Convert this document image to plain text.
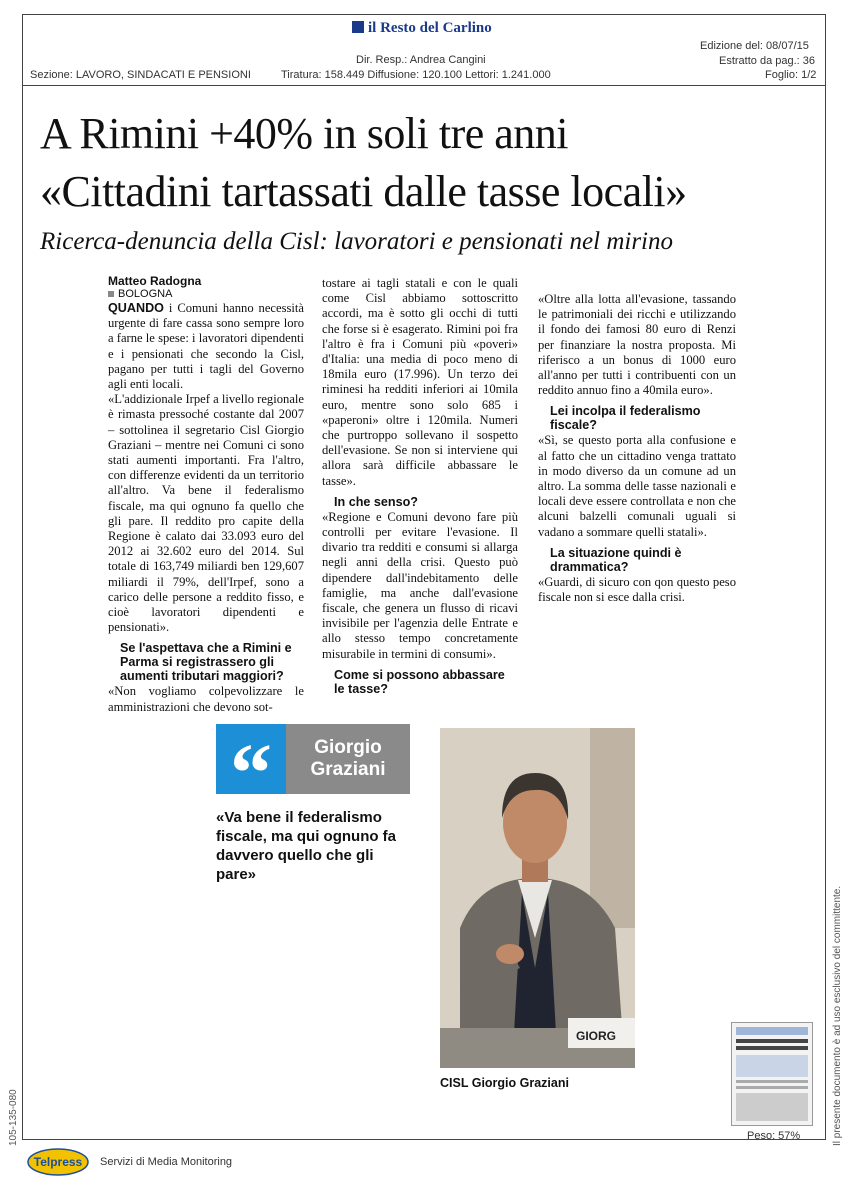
il Resto del Carlino
Dir. Resp.: Andrea Cangini
Sezione: LAVORO, SINDACATI E PENSIONI	Tiratura: 158.449 Diffusione: 120.100 Lettori: 1.241.000
Edizione del: 08/07/15
Estratto da pag.: 36
Foglio: 1/2
A Rimini +40% in soli tre anni
«Cittadini tartassati dalle tasse locali»
Ricerca-denuncia della Cisl: lavoratori e pensionati nel mirino
Matteo Radogna
BOLOGNA

QUANDO i Comuni hanno necessità urgente di fare cassa sono sempre loro a farne le spese: i lavoratori dipendenti e i pensionati che secondo la Cisl, pagano per tutti i tagli del Governo agli enti locali.

«L'addizionale Irpef a livello regionale è rimasta pressoché costante dal 2007 – sottolinea il segretario Cisl Giorgio Graziani – mentre nei Comuni ci sono stati aumenti importanti. Fra l'altro, con differenze evidenti da un territorio all'altro. Va bene il federalismo fiscale, ma qui ognuno fa quello che gli pare. Il reddito pro capite della Regione è calato dai 33.093 euro del 2012 ai 32.602 euro del 2014. Sul totale di 163,749 miliardi ben 129,607 miliardi il 79%, dell'Irpef, sono a carico delle persone a reddito fisso, e cioè lavoratori dipendenti e pensionati».

Se l'aspettava che a Rimini e Parma si registrassero gli aumenti tributari maggiori?

«Non vogliamo colpevolizzare le amministrazioni che devono sot-

tostare ai tagli statali e con le quali come Cisl abbiamo sottoscritto accordi, ma è sotto gli occhi di tutti che forse si è esagerato. Rimini poi fra l'altro è fra i Comuni più «poveri» d'Italia: una media di poco meno di 18mila euro (17.996). Un terzo dei riminesi ha redditi inferiori ai 10mila euro, mentre sono solo 685 i «paperoni» oltre i 120mila. Numeri che purtroppo sollevano il sospetto dell'evasione. Se non si interviene qui allora sarà difficile abbassare le tasse».

In che senso?

«Regione e Comuni devono fare più controlli per evitare l'evasione. Il divario tra redditi e consumi si allarga negli anni della crisi. Questo può dipendere dall'indebitamento delle famiglie, ma anche dall'evasione fiscale, che genera un flusso di ricavi invisibile per l'agenzia delle Entrate e allo stesso tempo concretamente misurabile in termini di consumi».

Come si possono abbassare le tasse?

«Oltre alla lotta all'evasione, tassando le patrimoniali dei ricchi e utilizzando il fondo dei famosi 80 euro di Renzi per finanziare la nostra proposta. Mi riferisco a un bonus di 1000 euro all'anno per tutti i contribuenti con un reddito annuo fino a 40mila euro».

Lei incolpa il federalismo fiscale?

«Sì, se questo porta alla confusione e al fatto che un cittadino venga trattato in modo diverso da un comune ad un altro. La somma delle tasse nazionali e locali deve essere controllata e non che alcuni balzelli comunali uguali si vadano a sommare quelli statali».

La situazione quindi è drammatica?

«Guardi, di sicuro con qon questo peso fiscale non si esce dalla crisi.

“	Giorgio Graziani
«Va bene il federalismo fiscale, ma qui ognuno fa davvero quello che gli pare»
GIORG
CISL Giorgio Graziani
Peso: 57%
Telpress Servizi di Media Monitoring
105-135-080	Il presente documento è ad uso esclusivo del committente.
